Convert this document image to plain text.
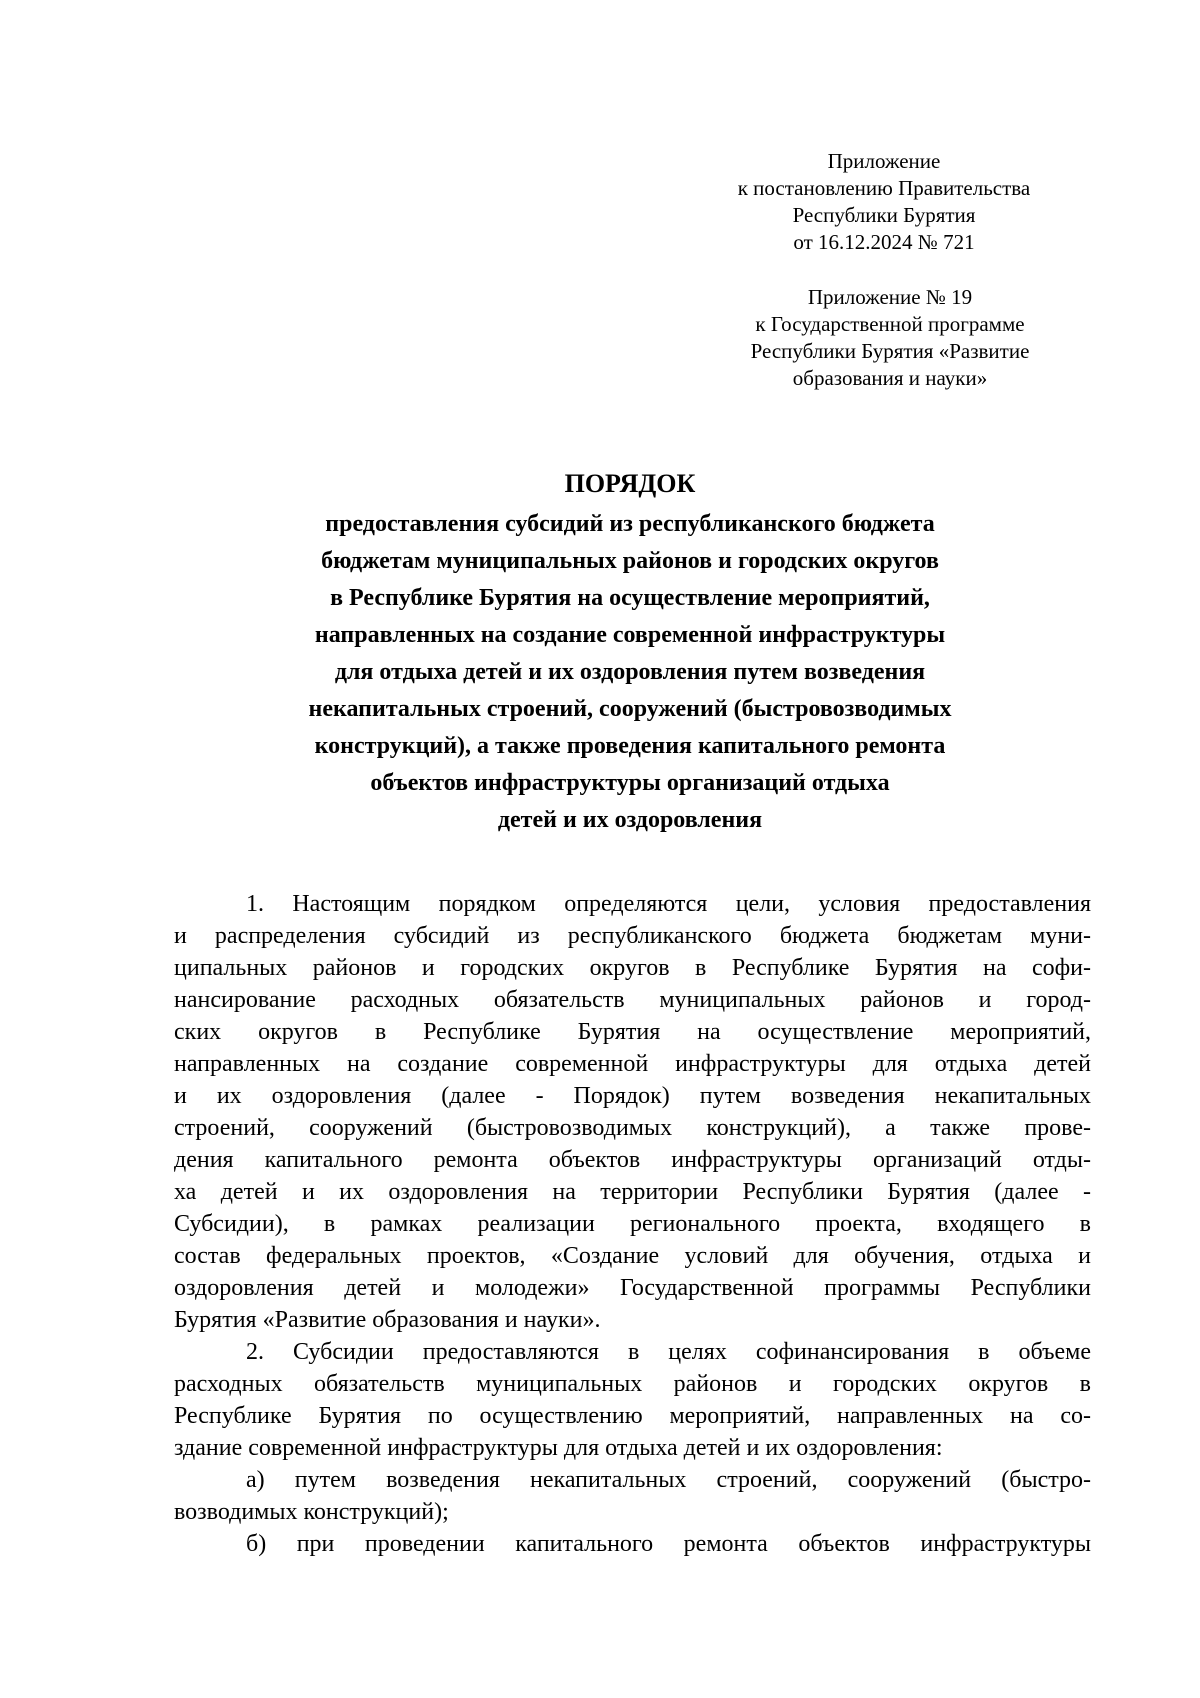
Приложение
к постановлению Правительства
Республики Бурятия
от 16.12.2024 № 721
Приложение № 19
к Государственной программе
Республики Бурятия «Развитие
образования и науки»
ПОРЯДОК
предоставления субсидий из республиканского бюджета
бюджетам муниципальных районов и городских округов
в Республике Бурятия на осуществление мероприятий,
направленных на создание современной инфраструктуры
для отдыха детей и их оздоровления путем возведения
некапитальных строений, сооружений (быстровозводимых
конструкций), а также проведения капитального ремонта
объектов инфраструктуры организаций отдыха
детей и их оздоровления
1. Настоящим порядком определяются цели, условия предоставления
и распределения субсидий из республиканского бюджета бюджетам муни-
ципальных районов и городских округов в Республике Бурятия на софи-
нансирование расходных обязательств муниципальных районов и город-
ских округов в Республике Бурятия на осуществление мероприятий,
направленных на создание современной инфраструктуры для отдыха детей
и их оздоровления (далее - Порядок) путем возведения некапитальных
строений, сооружений (быстровозводимых конструкций), а также прове-
дения капитального ремонта объектов инфраструктуры организаций отды-
ха детей и их оздоровления на территории Республики Бурятия (далее -
Субсидии), в рамках реализации регионального проекта, входящего в
состав федеральных проектов, «Создание условий для обучения, отдыха и
оздоровления детей и молодежи» Государственной программы Республики
Бурятия «Развитие образования и науки».
2. Субсидии предоставляются в целях софинансирования в объеме
расходных обязательств муниципальных районов и городских округов в
Республике Бурятия по осуществлению мероприятий, направленных на со-
здание современной инфраструктуры для отдыха детей и их оздоровления:
а) путем возведения некапитальных строений, сооружений (быстро-
возводимых конструкций);
б) при проведении капитального ремонта объектов инфраструктуры
